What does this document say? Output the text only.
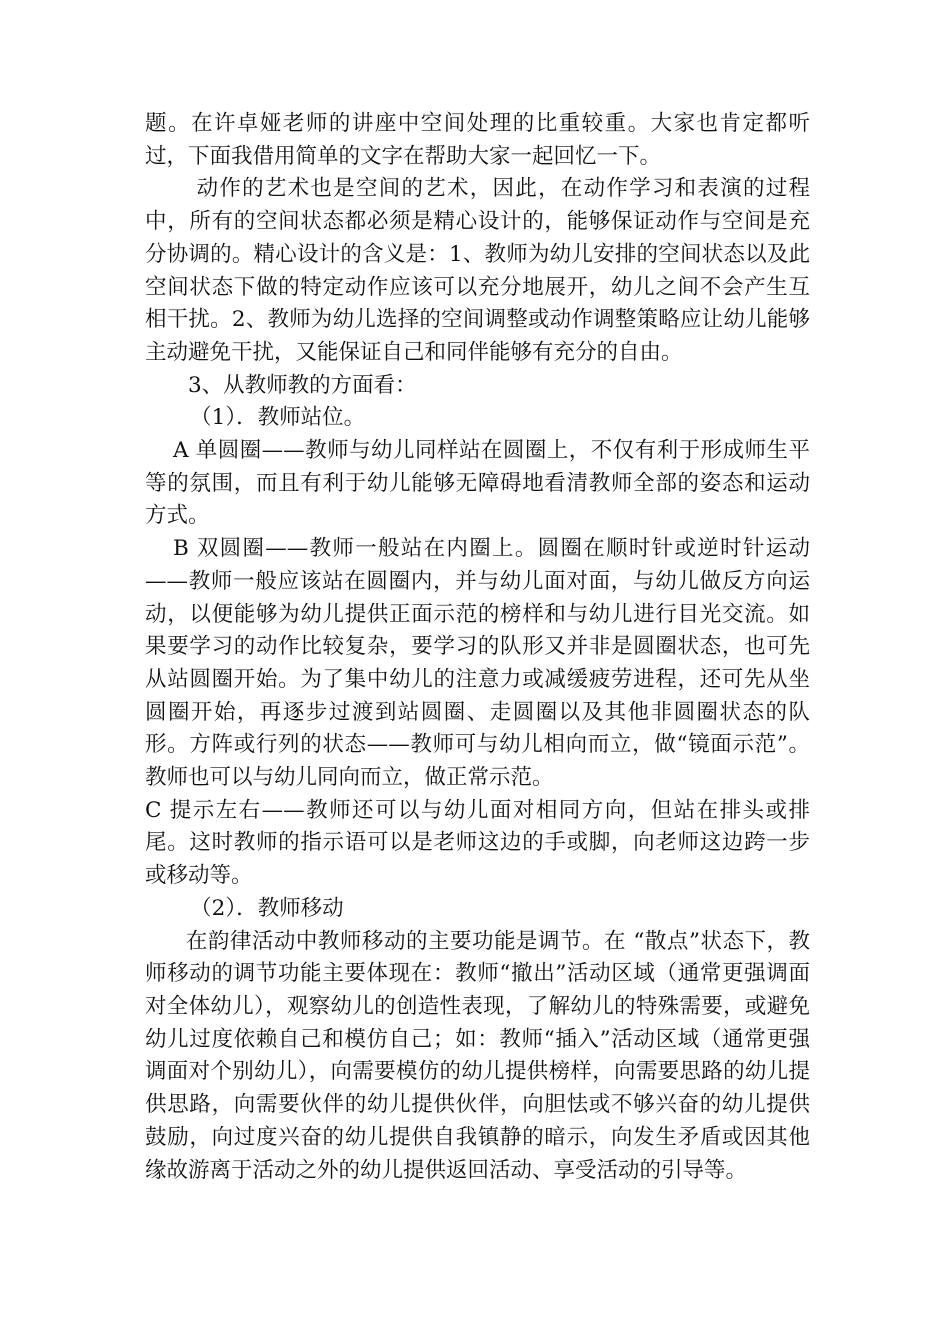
题。在许卓娅老师的讲座中空间处理的比重较重。大家也肯定都听过，下面我借用简单的文字在帮助大家一起回忆一下。

动作的艺术也是空间的艺术，因此，在动作学习和表演的过程中，所有的空间状态都必须是精心设计的，能够保证动作与空间是充分协调的。精心设计的含义是：1、教师为幼儿安排的空间状态以及此空间状态下做的特定动作应该可以充分地展开，幼儿之间不会产生互相干扰。2、教师为幼儿选择的空间调整或动作调整策略应让幼儿能够主动避免干扰，又能保证自己和同伴能够有充分的自由。

3、从教师教的方面看：

（1）．教师站位。

A 单圆圈——教师与幼儿同样站在圆圈上，不仅有利于形成师生平等的氛围，而且有利于幼儿能够无障碍地看清教师全部的姿态和运动方式。

B 双圆圈——教师一般站在内圈上。圆圈在顺时针或逆时针运动——教师一般应该站在圆圈内，并与幼儿面对面，与幼儿做反方向运动，以便能够为幼儿提供正面示范的榜样和与幼儿进行目光交流。如果要学习的动作比较复杂，要学习的队形又并非是圆圈状态，也可先从站圆圈开始。为了集中幼儿的注意力或减缓疲劳进程，还可先从坐圆圈开始，再逐步过渡到站圆圈、走圆圈以及其他非圆圈状态的队形。方阵或行列的状态——教师可与幼儿相向而立，做“镜面示范”。教师也可以与幼儿同向而立，做正常示范。

C 提示左右——教师还可以与幼儿面对相同方向，但站在排头或排尾。这时教师的指示语可以是老师这边的手或脚，向老师这边跨一步或移动等。

（2）．教师移动

在韵律活动中教师移动的主要功能是调节。在 “散点”状态下，教师移动的调节功能主要体现在：教师“撤出”活动区域（通常更强调面对全体幼儿），观察幼儿的创造性表现，了解幼儿的特殊需要，或避免幼儿过度依赖自己和模仿自己；如：教师“插入”活动区域（通常更强调面对个别幼儿），向需要模仿的幼儿提供榜样，向需要思路的幼儿提供思路，向需要伙伴的幼儿提供伙伴，向胆怯或不够兴奋的幼儿提供鼓励，向过度兴奋的幼儿提供自我镇静的暗示，向发生矛盾或因其他缘故游离于活动之外的幼儿提供返回活动、享受活动的引导等。
